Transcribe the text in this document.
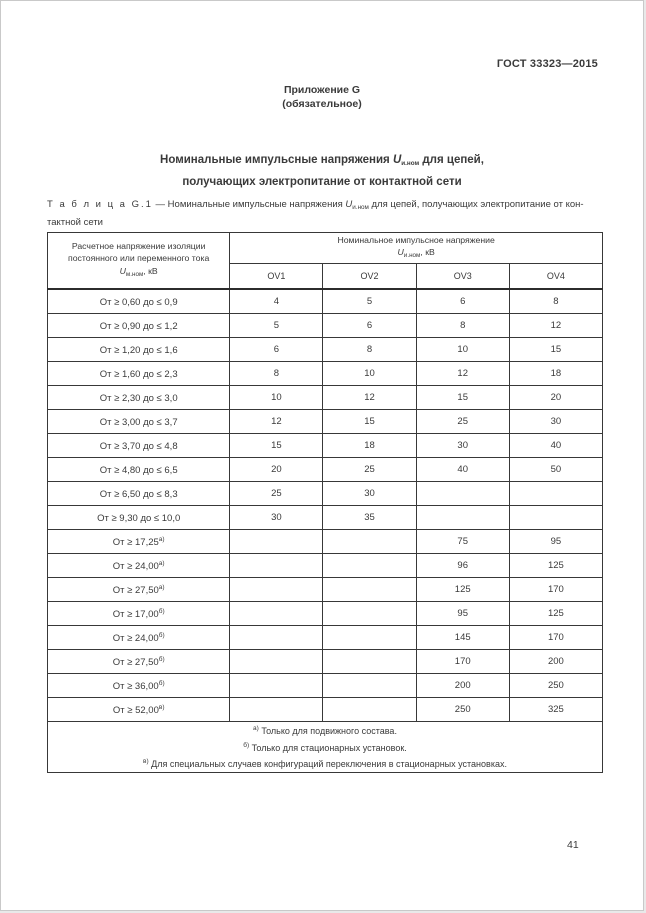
ГОСТ 33323—2015
Приложение G
(обязательное)
Номинальные импульсные напряжения $U_{и.ном}$ для цепей,
получающих электропитание от контактной сети
Т а б л и ц а G.1 — Номинальные импульсные напряжения $U_{и.ном}$ для цепей, получающих электропитание от кон-
тактной сети
Расчетное напряжение изоляции
постоянного или переменного тока
$U_{м.ном}$, кВ

Номинальное импульсное напряжение
$U_{и.ном}$, кВ

	OV1	OV2	OV3	OV4
От ≥ 0,60 до ≤ 0,9	4	5	6	8
От ≥ 0,90 до ≤ 1,2	5	6	8	12
От ≥ 1,20 до ≤ 1,6	6	8	10	15
От ≥ 1,60 до ≤ 2,3	8	10	12	18
От ≥ 2,30 до ≤ 3,0	10	12	15	20
От ≥ 3,00 до ≤ 3,7	12	15	25	30
От ≥ 3,70 до ≤ 4,8	15	18	30	40
От ≥ 4,80 до ≤ 6,5	20	25	40	50
От ≥ 6,50 до ≤ 8,3	25	30		
От ≥ 9,30 до ≤ 10,0	30	35		
От ≥ $17,25^{а)}$			75	95
От ≥ $24,00^{а)}$			96	125
От ≥ $27,50^{а)}$			125	170
От ≥ $17,00^{б)}$			95	125
От ≥ $24,00^{б)}$			145	170
От ≥ $27,50^{б)}$			170	200
От ≥ $36,00^{б)}$			200	250
От ≥ $52,00^{в)}$			250	325

$^{а)}$ Только для подвижного состава.
$^{б)}$ Только для стационарных установок.
$^{в)}$ Для специальных случаев конфигураций переключения в стационарных установках.				
41
